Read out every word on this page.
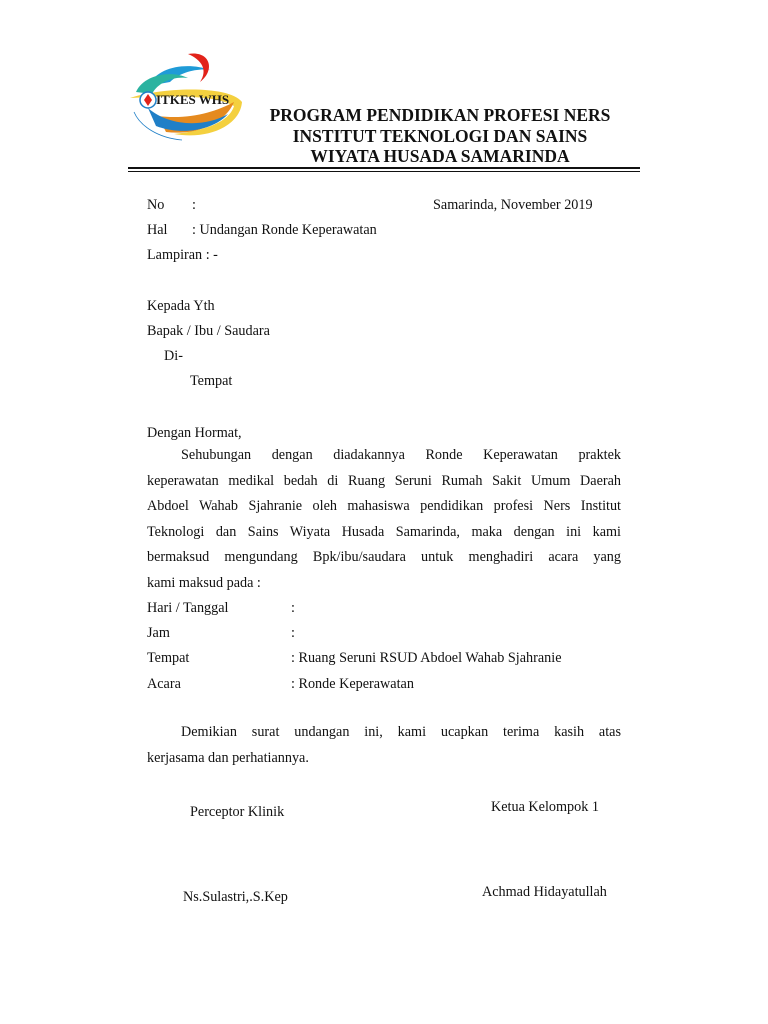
ITKES WHS
PROGRAM PENDIDIKAN PROFESI NERS
INSTITUT TEKNOLOGI DAN SAINS
WIYATA HUSADA SAMARINDA
No :	Samarinda, November 2019
Hal : Undangan Ronde Keperawatan
Lampiran : -
Kepada Yth
Bapak / Ibu / Saudara
Di-
Tempat
Dengan Hormat,
Sehubungan dengan diadakannya Ronde Keperawatan praktek
keperawatan medikal bedah di Ruang Seruni Rumah Sakit Umum Daerah
Abdoel Wahab Sjahranie oleh mahasiswa pendidikan profesi Ners Institut
Teknologi dan Sains Wiyata Husada Samarinda, maka dengan ini kami
bermaksud mengundang Bpk/ibu/saudara untuk menghadiri acara yang
kami maksud pada :
Hari / Tanggal	:
Jam	:
Tempat	: Ruang Seruni RSUD Abdoel Wahab Sjahranie
Acara	: Ronde Keperawatan
Demikian surat undangan ini, kami ucapkan terima kasih atas
kerjasama dan perhatiannya.
Perceptor Klinik	Ketua Kelompok 1
Ns.Sulastri,.S.Kep	Achmad Hidayatullah
